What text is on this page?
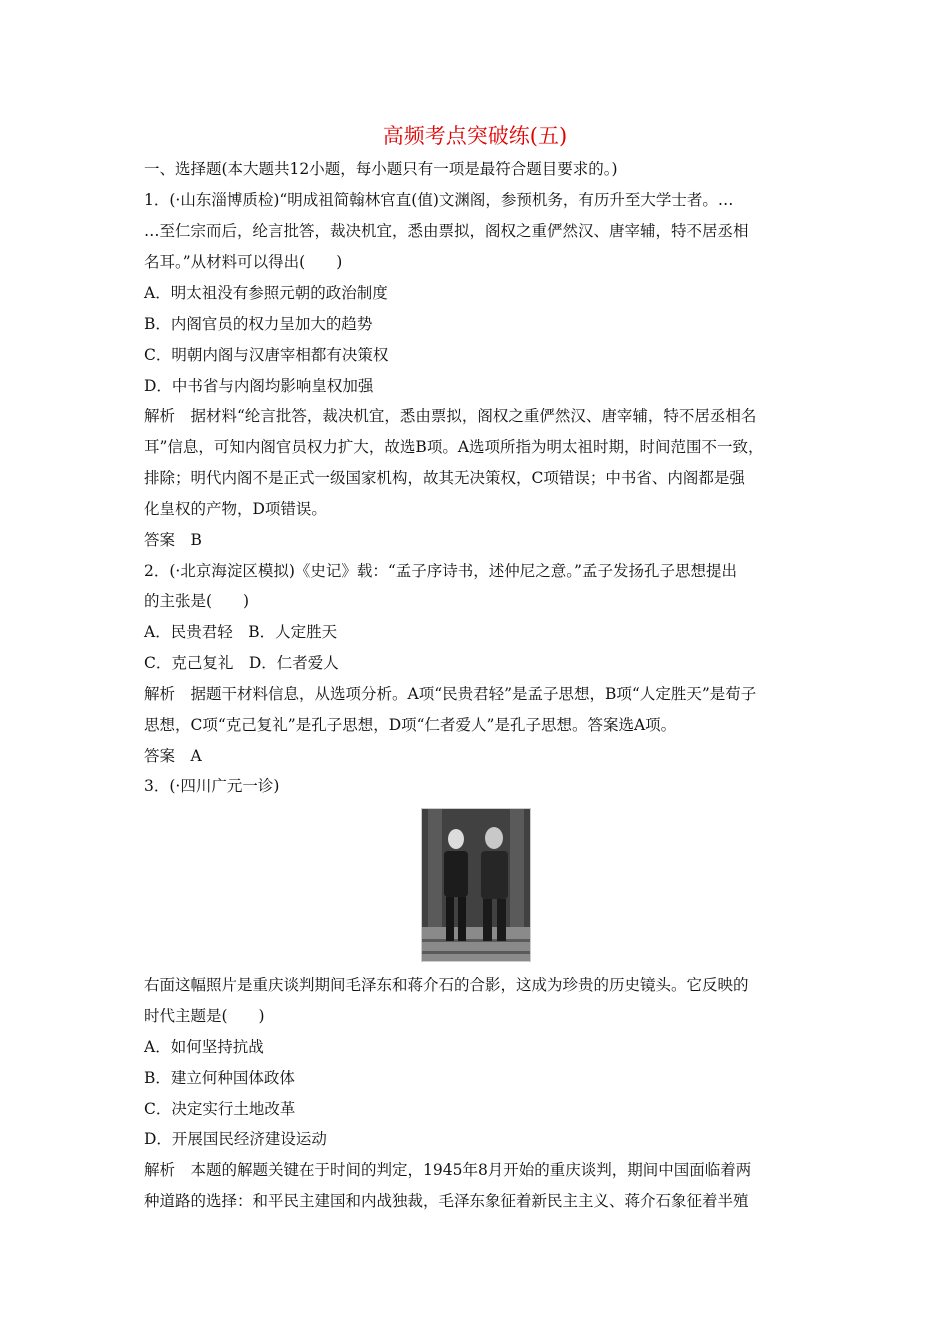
高频考点突破练(五)
一、选择题(本大题共12小题，每小题只有一项是最符合题目要求的。)
1．(·山东淄博质检)“明成祖简翰林官直(值)文渊阁，参预机务，有历升至大学士者。…
…至仁宗而后，纶言批答，裁决机宜，悉由票拟，阁权之重俨然汉、唐宰辅，特不居丞相
名耳。”从材料可以得出(　　)
A．明太祖没有参照元朝的政治制度
B．内阁官员的权力呈加大的趋势
C．明朝内阁与汉唐宰相都有决策权
D．中书省与内阁均影响皇权加强
解析　据材料“纶言批答，裁决机宜，悉由票拟，阁权之重俨然汉、唐宰辅，特不居丞相名
耳”信息，可知内阁官员权力扩大，故选B项。A选项所指为明太祖时期，时间范围不一致，
排除；明代内阁不是正式一级国家机构，故其无决策权，C项错误；中书省、内阁都是强
化皇权的产物，D项错误。
答案　B
2．(·北京海淀区模拟)《史记》载：“孟子序诗书，述仲尼之意。”孟子发扬孔子思想提出
的主张是(　　)
A．民贵君轻　B．人定胜天
C．克己复礼　D．仁者爱人
解析　据题干材料信息，从选项分析。A项“民贵君轻”是孟子思想，B项“人定胜天”是荀子
思想，C项“克己复礼”是孔子思想，D项“仁者爱人”是孔子思想。答案选A项。
答案　A
3．(·四川广元一诊)
右面这幅照片是重庆谈判期间毛泽东和蒋介石的合影，这成为珍贵的历史镜头。它反映的
时代主题是(　　)
A．如何坚持抗战
B．建立何种国体政体
C．决定实行土地改革
D．开展国民经济建设运动
解析　本题的解题关键在于时间的判定，1945年8月开始的重庆谈判，期间中国面临着两
种道路的选择：和平民主建国和内战独裁，毛泽东象征着新民主主义、蒋介石象征着半殖
